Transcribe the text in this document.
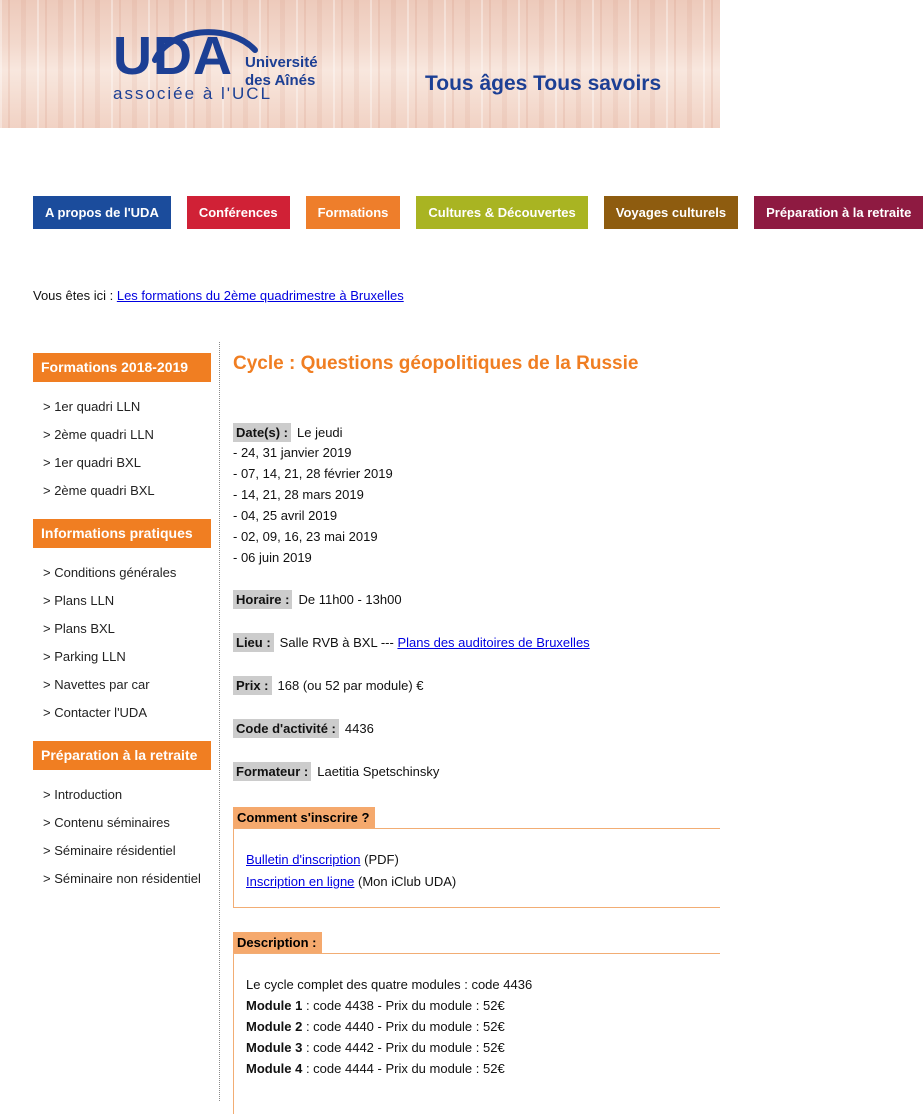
UDA Université
des Aînés
associée à l'UCL	Tous âges Tous savoirs
A propos de l'UDA	Conférences	Formations	Cultures & Découvertes	Voyages culturels	Préparation à la retraite
Vous êtes ici : Les formations du 2ème quadrimestre à Bruxelles
Formations 2018-2019
> 1er quadri LLN
> 2ème quadri LLN
> 1er quadri BXL
> 2ème quadri BXL
Informations pratiques
> Conditions générales
> Plans LLN
> Plans BXL
> Parking LLN
> Navettes par car
> Contacter l'UDA
Préparation à la retraite
> Introduction
> Contenu séminaires
> Séminaire résidentiel
> Séminaire non résidentiel
Cycle : Questions géopolitiques de la Russie
Date(s) : Le jeudi
- 24, 31 janvier 2019
- 07, 14, 21, 28 février 2019
- 14, 21, 28 mars 2019
- 04, 25 avril 2019
- 02, 09, 16, 23 mai 2019
- 06 juin 2019
Horaire : De 11h00 - 13h00
Lieu : Salle RVB à BXL --- Plans des auditoires de Bruxelles
Prix : 168 (ou 52 par module) €
Code d'activité : 4436
Formateur : Laetitia Spetschinsky
Comment s'inscrire ?
Bulletin d'inscription (PDF)
Inscription en ligne (Mon iClub UDA)
Description :
Le cycle complet des quatre modules : code 4436
Module 1 : code 4438 - Prix du module : 52€
Module 2 : code 4440 - Prix du module : 52€
Module 3 : code 4442 - Prix du module : 52€
Module 4 : code 4444 - Prix du module : 52€
